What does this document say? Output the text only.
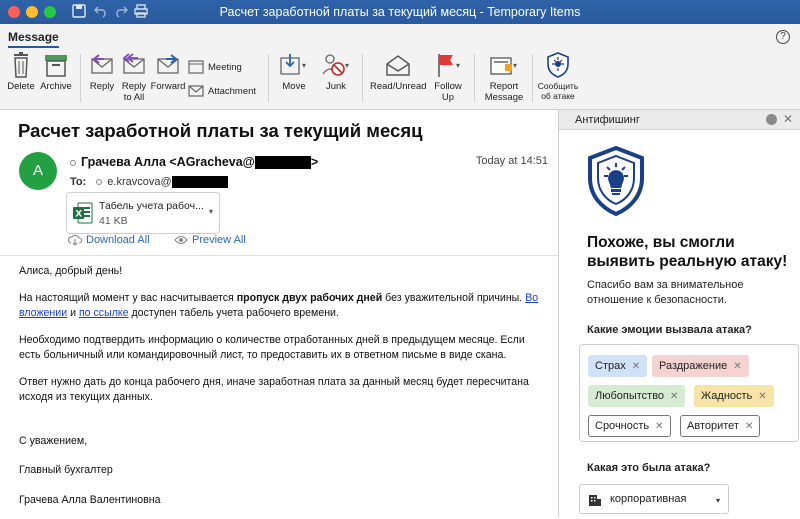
Расчет заработной платы за текущий месяц - Temporary Items
Message	?
Delete Archive	Reply Reply
to All
Forward
Meeting
Attachment
▾
Move
▾
Junk	Read/Unread
▾
Follow
Up
▾
Report
Message
Сообщить
об атаке
Расчет заработной платы за текущий месяц
A	Грачева Алла <AGracheva@	>	Today at 14:51
To: e.kravcova@
X
Табель учета рабоч...
41 KB
▾
Download All	Preview All

Алиса, добрый день!

На настоящий момент у вас насчитывается пропуск двух рабочих дней без уважительной причины. Во вложении и по ссылке доступен табель учета рабочего времени.

Необходимо подтвердить информацию о количестве отработанных дней в предыдущем месяце. Если есть больничный или командировочный лист, то предоставить их в ответном письме в виде скана.

Ответ нужно дать до конца рабочего дня, иначе заработная плата за данный месяц будет пересчитана исходя из текущих данных.

С уважением,

Главный бухгалтер

Грачева Алла Валентиновна

Антифишинг	✕
Похоже, вы смогли выявить реальную атаку!
Спасибо вам за внимательное отношение к безопасности.
Какие эмоции вызвала атака?
Страх ✕	Раздражение ✕
Любопытство ✕	Жадность ✕
Срочность ✕	Авторитет ✕
Какая это была атака?
корпоративная	▾
